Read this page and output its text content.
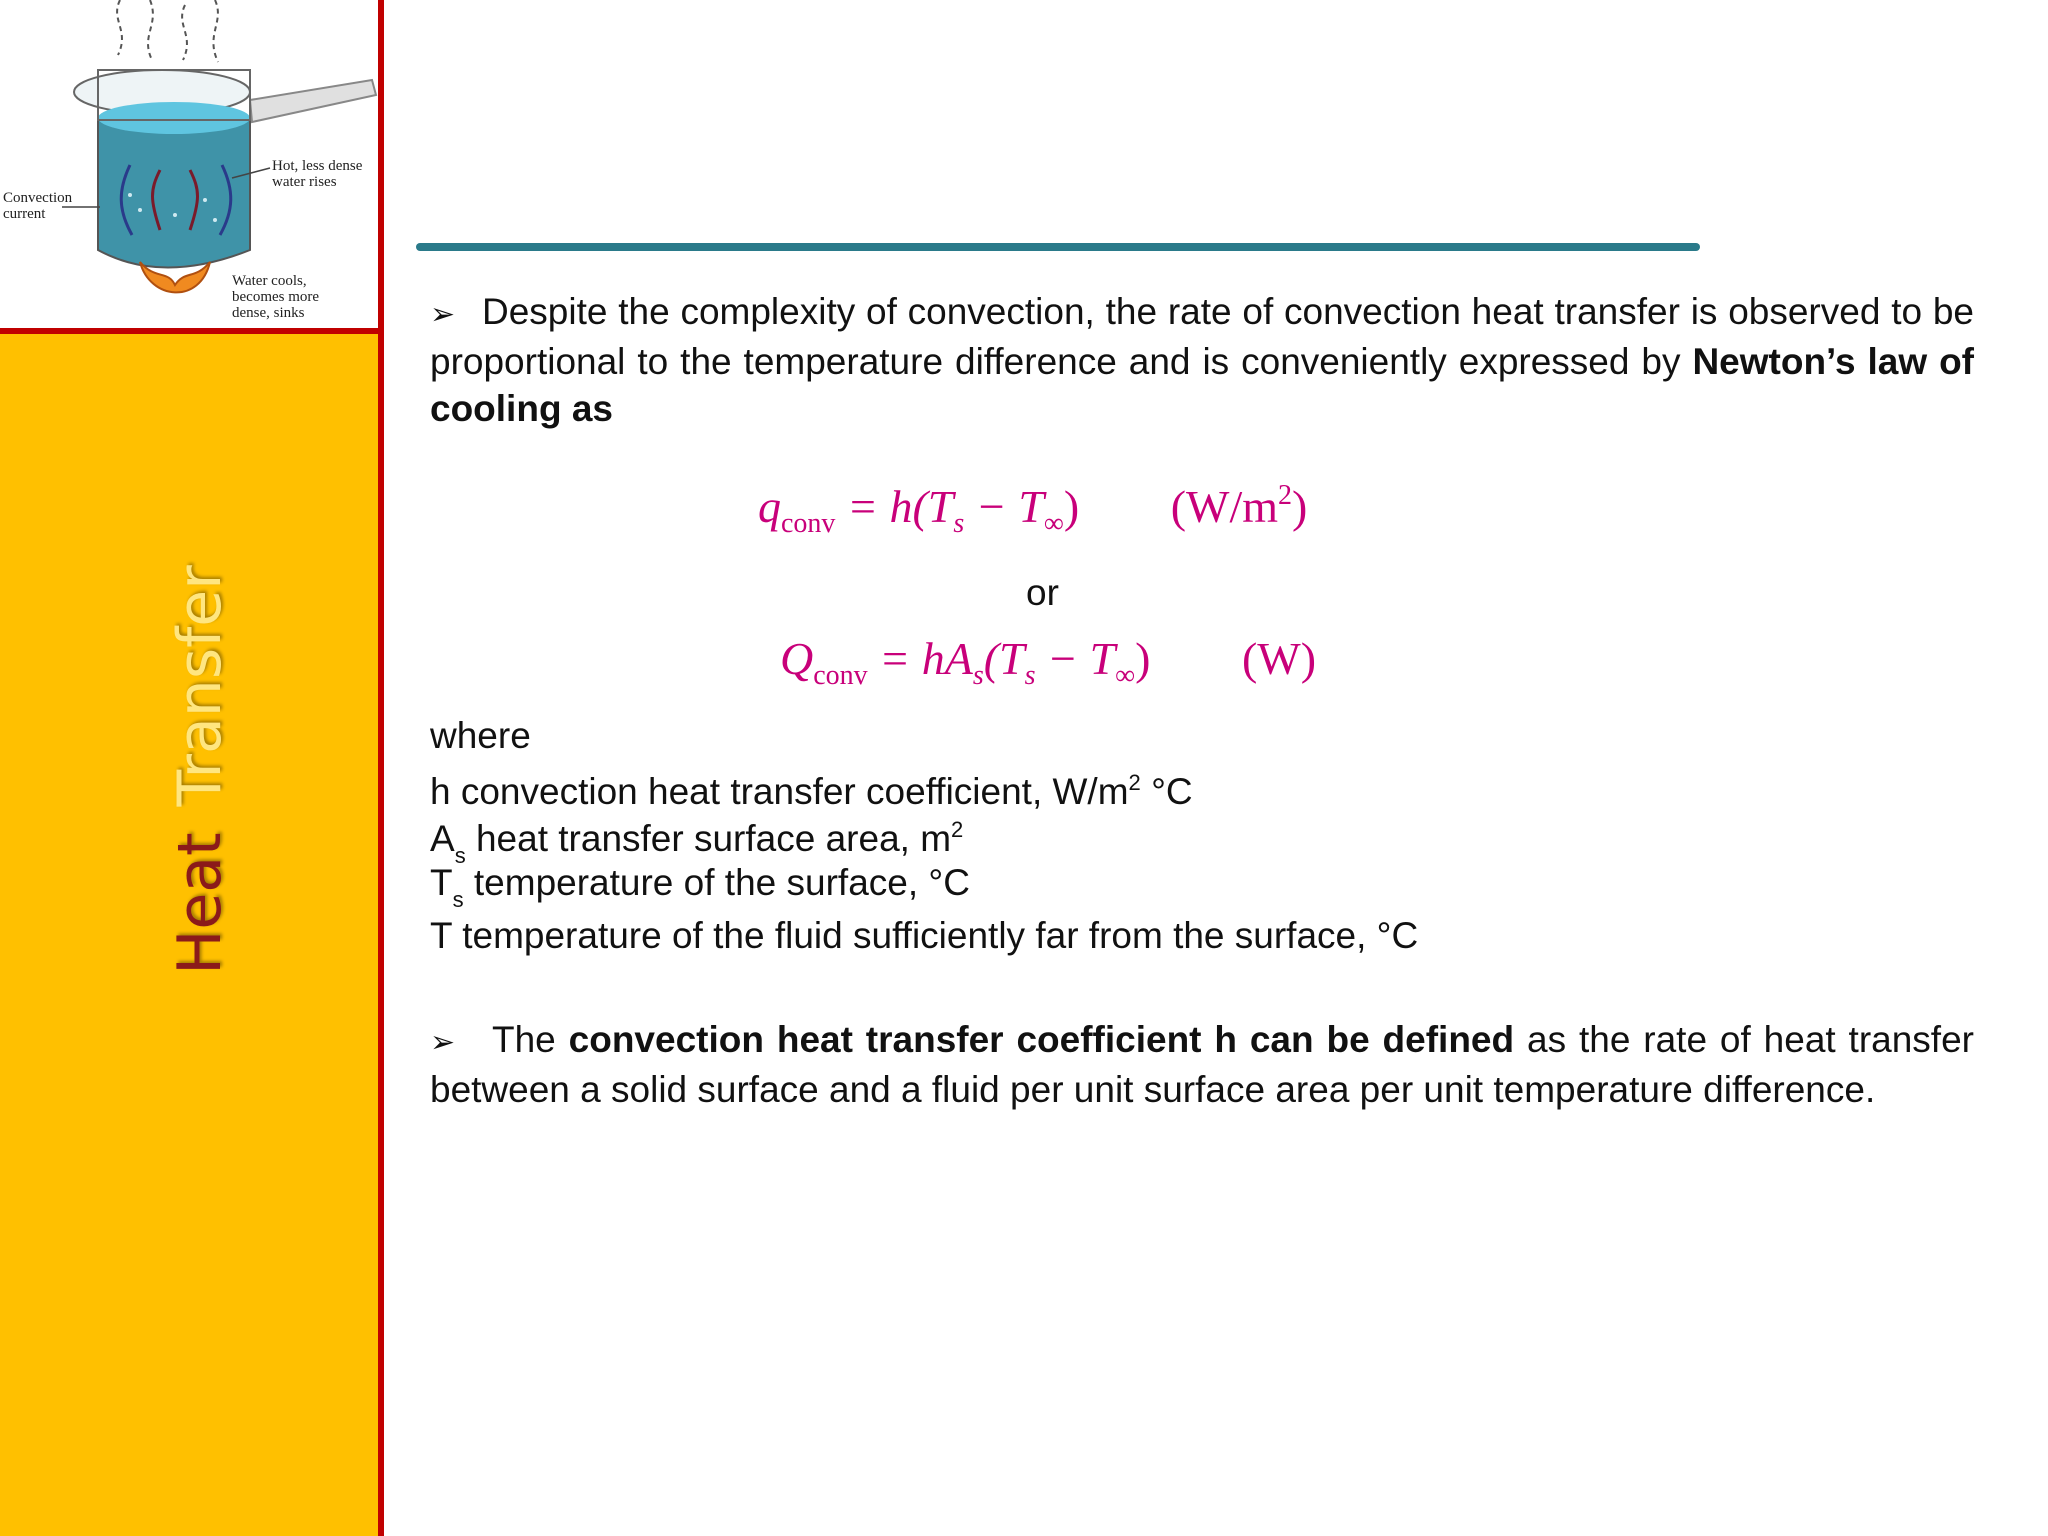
Convection current
Hot, less dense water rises
Water cools, becomes more dense, sinks
HeatTransfer
➢ Despite the complexity of convection, the rate of convection heat transfer is observed to be proportional to the temperature difference and is conveniently expressed by Newton’s law of cooling as
$q_{conv} = h(T_s - T_\infty)$ $(W/m^2)$
or
$Q_{conv} = hA_s(T_s - T_\infty)$ (W)
where
h convection heat transfer coefficient, $W/m^2$ °C
$A_s$ heat transfer surface area, $m^2$
$T_s$ temperature of the surface, °C
T temperature of the fluid sufficiently far from the surface, °C
➢ The convection heat transfer coefficient h can be defined as the rate of heat transfer between a solid surface and a fluid per unit surface area per unit temperature difference.
